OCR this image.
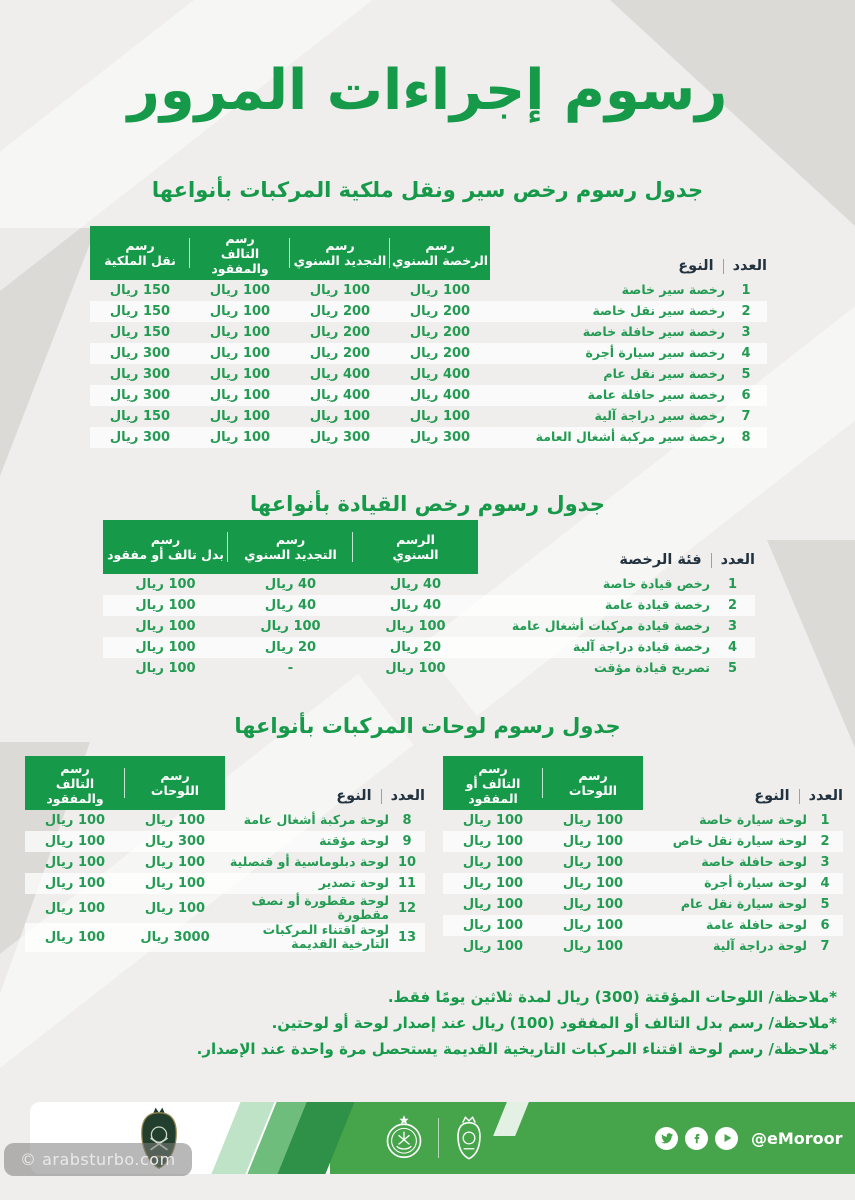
رسوم إجراءات المرور
جدول رسوم رخص سير ونقل ملكية المركبات بأنواعها
العدد
النوع
رسم
الرخصة السنوي
رسم
التجديد السنوي
رسم
التالف والمفقود
رسم
نقل الملكية
1
رخصة سير خاصة
100 ريال
100 ريال
100 ريال
150 ريال
2
رخصة سير نقل خاصة
200 ريال
200 ريال
100 ريال
150 ريال
3
رخصة سير حافلة خاصة
200 ريال
200 ريال
100 ريال
150 ريال
4
رخصة سير سيارة أجرة
200 ريال
200 ريال
100 ريال
300 ريال
5
رخصة سير نقل عام
400 ريال
400 ريال
100 ريال
300 ريال
6
رخصة سير حافلة عامة
400 ريال
400 ريال
100 ريال
300 ريال
7
رخصة سير دراجة آلية
100 ريال
100 ريال
100 ريال
150 ريال
8
رخصة سير مركبة أشغال العامة
300 ريال
300 ريال
100 ريال
300 ريال
جدول رسوم رخص القيادة بأنواعها
العدد
فئة الرخصة
الرسم
السنوي
رسم
التجديد السنوي
رسم
بدل تالف أو مفقود
1
رخص قيادة خاصة
40 ريال
40 ريال
100 ريال
2
رخصة قيادة عامة
40 ريال
40 ريال
100 ريال
3
رخصة قيادة مركبات أشغال عامة
100 ريال
100 ريال
100 ريال
4
رخصة قيادة دراجة آلية
20 ريال
20 ريال
100 ريال
5
تصريح قيادة مؤقت
100 ريال
-
100 ريال
جدول رسوم لوحات المركبات بأنواعها
العدد
النوع
رسم
اللوحات
رسم
التالف أو المفقود
1
لوحة سيارة خاصة
100 ريال
100 ريال
2
لوحة سيارة نقل خاص
100 ريال
100 ريال
3
لوحة حافلة خاصة
100 ريال
100 ريال
4
لوحة سيارة أجرة
100 ريال
100 ريال
5
لوحة سيارة نقل عام
100 ريال
100 ريال
6
لوحة حافلة عامة
100 ريال
100 ريال
7
لوحة دراجة آلية
100 ريال
100 ريال
العدد
النوع
رسم
اللوحات
رسم
التالف والمفقود
8
لوحة مركبة أشغال عامة
100 ريال
100 ريال
9
لوحة مؤقتة
300 ريال
100 ريال
10
لوحة دبلوماسية أو قنصلية
100 ريال
100 ريال
11
لوحة تصدير
100 ريال
100 ريال
12
لوحة مقطورة أو نصف مقطورة
100 ريال
100 ريال
13
لوحة اقتناء المركبات التارخية القديمة
3000 ريال
100 ريال
*ملاحظة/ اللوحات المؤقتة (300) ريال لمدة ثلاثين يومًا فقط.
*ملاحظة/ رسم بدل التالف أو المفقود (100) ريال عند إصدار لوحة أو لوحتين.
*ملاحظة/ رسم لوحة اقتناء المركبات التاريخية القديمة يستحصل مرة واحدة عند الإصدار.
@eMoroor
© arabsturbo.com
